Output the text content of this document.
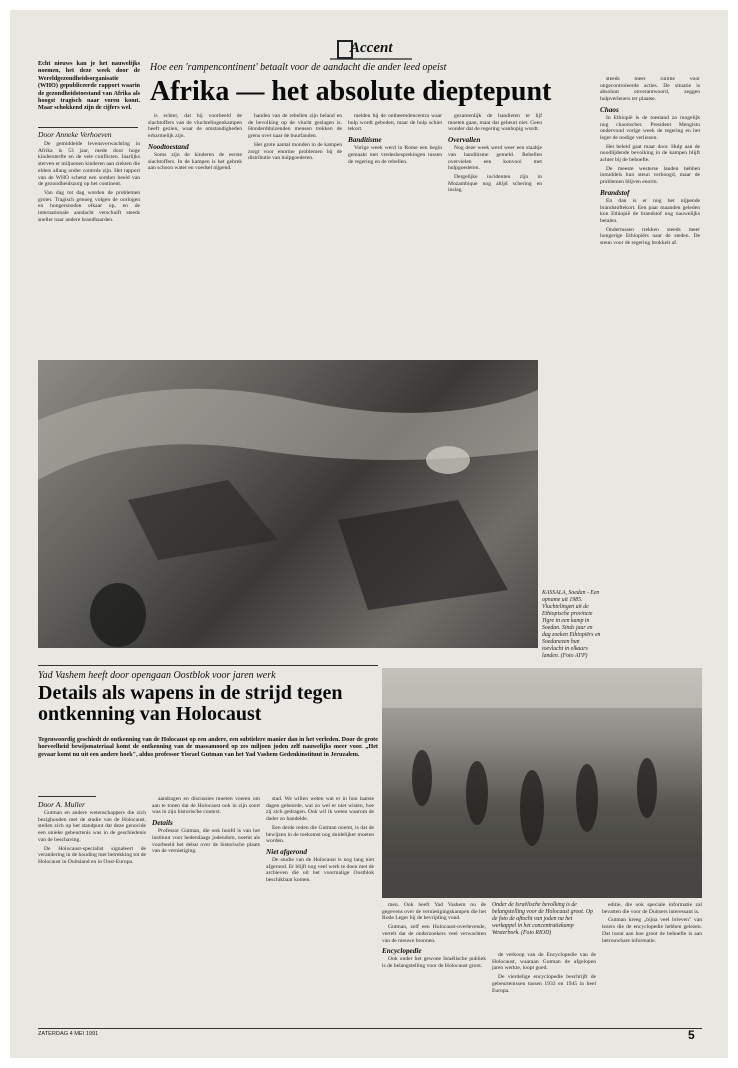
Accent
Echt nieuws kan je het nauwelijks noemen, het deze week door de Wereldgezondheidsorganisatie (WHO) gepubliceerde rapport waarin de gezondheidstoestand van Afrika als hoogst tragisch naar voren komt. Maar schokkend zijn de cijfers wel.
Hoe een 'rampencontinent' betaalt voor de aandacht die ander leed opeist
Afrika — het absolute dieptepunt
Door Anneke Verhoeven

De gemiddelde levensverwachting in Afrika is 53 jaar, mede door hoge kindersterfte en de vele conflicten. Jaarlijks sterven er miljoenen kinderen aan ziekten die elders allang onder controle zijn. Het rapport van de WHO schetst een somber beeld van de gezondheidszorg op het continent.

Van dag tot dag worden de problemen groter. Tragisch genoeg volgen de oorlogen en hongersnoden elkaar op, en de internationale aandacht verschuift steeds sneller naar andere brandhaarden.

is echter, dat hij voorbeeld de slachtoffers van de vluchtelingenkampen heeft gezien, waar de omstandigheden erbarmelijk zijn.

Noodtoestand

Soms zijn de kinderen de eerste slachtoffers. In de kampen is het gebrek aan schoon water en voedsel nijpend.

handen van de rebellen zijn beland en de bevolking op de vlucht geslagen is. Honderdduizenden mensen trekken de grens over naar de buurlanden.

Het grote aantal monden in de kampen zorgt voor enorme problemen bij de distributie van hulpgoederen.

melden bij de ontheemdencentra waar hulp wordt geboden, maar de hulp schiet tekort.

Banditisme

Vorige week werd in Rome een begin gemaakt met vredesbesprekingen tussen de regering en de rebellen.

gezamenlijk de bandieten te lijf moeten gaan, maar dat gebeurt niet. Geen wonder dat de regering wanhopig wordt.

Overvallen

Nog deze week werd weer een staaltje van banditisme gemeld. Rebellen overvielen een konvooi met hulpgoederen.

Dergelijke incidenten zijn in Mozambique nog altijd schering en inslag.

steeds meer ruimte voor ongecontroleerde acties. De situatie is absoluut onverantwoord, zeggen hulpverleners ter plaatse.

Chaos

In Ethiopië is de toestand zo mogelijk nog chaotischer. President Mengistu ondervond vorige week de regering en het leger de nodige verliezen.

Het beleid gaat maar door. Hulp aan de noodlijdende bevolking in de kampen blijft achter bij de behoefte.

De meeste westerse landen hebben inmiddels hun steun verhoogd, maar de problemen blijven enorm.

Brandstof

En dan is er nog het nijpende brandstoftekort. Een paar maanden geleden kon Ethiopië de brandstof nog nauwelijks betalen.

Ondertussen trekken steeds meer hongerige Ethiopiërs naar de steden. De steun voor de regering brokkelt af.

KASSALA, Soedan - Een opname uit 1985. Vluchtelingen uit de Ethiopische provincie Tigre in een kamp in Soedan. Sinds jaar en dag zoeken Ethiopiërs en Soedanezen hun toevlucht in elkaars landen. (Foto AFP)
Yad Vashem heeft door opengaan Oostblok voor jaren werk
Details als wapens in de strijd tegen ontkenning van Holocaust
Tegenwoordig geschiedt de ontkenning van de Holocaust op een andere, een subtielere manier dan in het verleden. Door de grote hoeveelheid bewijsmateriaal komt de ontkenning van de massamoord op zes miljoen joden zelf nauwelijks meer voor. „Het gevaar komt nu uit een andere hoek", aldus professor Yisrael Gutman van het Yad Vashem Gedenkinstituut in Jeruzalem.
Door A. Muller

Gutman en andere wetenschappers die zich bezighouden met de studie van de Holocaust, stellen zich op het standpunt dat deze genocide een unieke gebeurtenis was in de geschiedenis van de beschaving.

De Holocaust-specialist signaleert de verandering in de houding met betrekking tot de Holocaust in Duitsland en in Oost-Europa.

aandragen en discussies moeten voeren om aan te tonen dat de Holocaust ook in zijn soort was in zijn historische context.

Details

Professor Gutman, die ook hoofd is van het instituut voor hedendaags jodendom, noemt als voorbeeld het debat over de historische plaats van de vernietiging.

stad. We willen weten wat er in hun laatste dagen gebeurde, wat zo wel er niet wisten, hoe zij zich gedragen. Ook wil ik weten waarom de dader zo handelde.

Een derde reden die Gutman noemt, is dat de bewijzen in de toekomst nog duidelijker moeten worden.

Niet afgerond

De studie van de Holocaust is nog lang niet afgerond. Er blijft nog veel werk te doen met de archieven die uit het voormalige Oostblok beschikbaar komen.

men. Ook heeft Yad Vashem nu de gegevens over de vernietigingskampen die het Rode Leger bij de bevrijding vond.

Gutman, zelf een Holocaust-overlevende, vertelt dat de onderzoekers veel verwachten van de nieuwe bronnen.

Encyclopedie

Ook onder het gewone Israëlische publiek is de belangstelling voor de Holocaust groot.

Onder de Israëlische bevolking is de belangstelling voor de Holocaust groot. Op de foto de aftocht van joden na het werkappel in het concentratiekamp Westerbork. (Foto RIOD)

de verkoop van de Encyclopedie van de Holocaust, waaraan Gutman de afgelopen jaren werkte, loopt goed.

De vierdelige encyclopedie beschrijft de gebeurtenissen tussen 1933 en 1945 in heel Europa.

editie, die ook speciale informatie zal bevatten die voor de Duitsers interessant is.

Gutman kreeg „bijna veel brieven" van lezers die de encyclopedie hebben gelezen. Dat toont aan hoe groot de behoefte is aan betrouwbare informatie.

ZATERDAG 4 MEI 1991	5
